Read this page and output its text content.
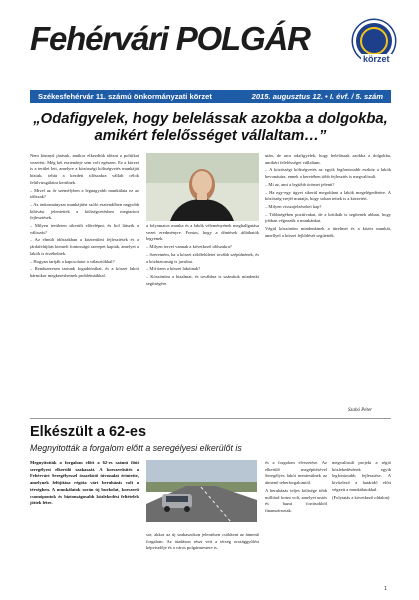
Fehérvári POLGÁR
körzet
Székesfehérvár 11. számú önkormányzati körzet	2015. augusztus 12. • I. évf. / 5. szám
„Odafigyelek, hogy belelássak azokba a dolgokba, amikért felelősséget vállaltam…”

Nem könnyű járásuk, amikor elkezdtük idézni a politikai vezetést. Még két esztendeje sem volt egészen. Ez a körzet is a terület lett, amelyre a közösségi költségvetés munkáját bíztuk, tehát a kezdeti időszakra vállalt célok felülvizsgálatra kerülnek.

– Mivel az őr személyben a legnagyobb munkálata ez az időszak?

– Az önkormányzat munkájáért szóló esztendőben nagyobb kihívást jelentettek a költségvetésben megtartott fejlesztések.

– Milyen területen sikerült előrelépni, és hol látszik a változás?

– Az elmúlt időszakban a közterületi fejlesztések és a járdafelújítás kiemelt fontosságú szerepet kaptak, amelyet a lakók is érzékelnek.

– Hogyan tartják a kapcsolatot a választókkal?

– Rendszeresen tartunk fogadóórákat, és a körzet lakói bármikor megkereshetnek problémáikkal.

a folyamatos munka és a lakók véleményének meghallgatása vezet eredményre. Fontos, hogy a döntések átláthatók legyenek.

– Milyen tervei vannak a következő időszakra?

– Szeretném, ha a körzet zöldfelületei tovább szépülnének, és a közbiztonság is javulna.

– Mit üzen a körzet lakóinak?

– Köszönöm a bizalmat, és továbbra is számítok mindenki segítségére.

után, de arra odafigyelek, hogy belelássak azokba a dolgokba, amikért felelősséget vállaltam.

– A közösségi költségvetés az egyik legfontosabb eszköz a lakók bevonására, ennek a keretében több fejlesztés is megvalósult.

– Mi az, ami a legtöbb örömet jelenti?

– Ha egy-egy ügyet sikerül megoldani a lakók megelégedésére. A közösség erejét mutatja, hogy sokan tettek is a körzetért.

– Milyen visszajelzéseket kap?

– Többségében pozitívakat, de a kritikák is segítenek abban, hogy jobban végezzük a munkánkat.

Végül köszönöm mindenkinek a türelmet és a közös munkát, amellyel a körzet fejlődését segítették.

Szabó Péter
Elkészült a 62-es
Megnyitották a forgalom előtt a seregélyesi elkerülőt is
Megnyitották a forgalom előtt a 62-es számú főút seregélyesi elkerülő szakaszát. A korszerűsítés a Fehérvárt Seregélyessel összekötő útvonalat érintette, amelynek felújítása régóta várt beruházás volt a térségben. A munkálatok során új burkolat, korszerű csomópontok és biztonságosabb közlekedési feltételek jöttek létre.

sor, akkor az új szakaszokon jelentősen csökkent az átmenő forgalom. Az átadáson részt vett a térség országgyűlési képviselője és a város polgármestere is.

és a forgalom elvezetése. Az elkerülő megépítésével Seregélyes lakói mentesülnek az átmenő teherforgalomtól.

A beruházás teljes költsége több milliárd forint volt, amelyet uniós és hazai forrásokból finanszíroztak.

megvalósult projekt a régió közlekedésének egyik legfontosabb fejlesztése. A kivitelező a határidő előtt végzett a munkálatokkal.

(Folytatás a következő oldalon)

1
